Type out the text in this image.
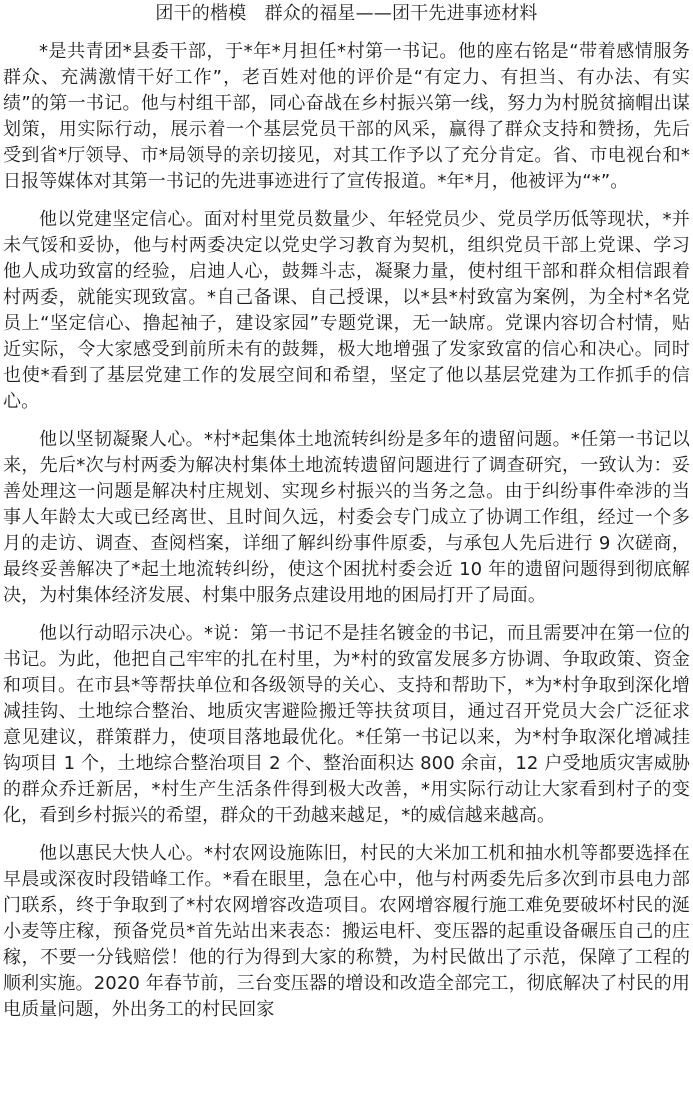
团干的楷模　群众的福星——团干先进事迹材料

*是共青团*县委干部，于*年*月担任*村第一书记。他的座右铭是“带着感情服务群众、充满激情干好工作”，老百姓对他的评价是“有定力、有担当、有办法、有实绩”的第一书记。他与村组干部，同心奋战在乡村振兴第一线，努力为村脱贫摘帽出谋划策，用实际行动，展示着一个基层党员干部的风采，赢得了群众支持和赞扬，先后受到省*厅领导、市*局领导的亲切接见，对其工作予以了充分肯定。省、市电视台和*日报等媒体对其第一书记的先进事迹进行了宣传报道。*年*月，他被评为“*”。

他以党建坚定信心。面对村里党员数量少、年轻党员少、党员学历低等现状，*并未气馁和妥协，他与村两委决定以党史学习教育为契机，组织党员干部上党课、学习他人成功致富的经验，启迪人心，鼓舞斗志，凝聚力量，使村组干部和群众相信跟着村两委，就能实现致富。*自己备课、自己授课，以*县*村致富为案例，为全村*名党员上“坚定信心、撸起袖子，建设家园”专题党课，无一缺席。党课内容切合村情，贴近实际，令大家感受到前所未有的鼓舞，极大地增强了发家致富的信心和决心。同时也使*看到了基层党建工作的发展空间和希望，坚定了他以基层党建为工作抓手的信心。

他以坚韧凝聚人心。*村*起集体土地流转纠纷是多年的遗留问题。*任第一书记以来，先后*次与村两委为解决村集体土地流转遗留问题进行了调查研究，一致认为：妥善处理这一问题是解决村庄规划、实现乡村振兴的当务之急。由于纠纷事件牵涉的当事人年龄太大或已经离世、且时间久远，村委会专门成立了协调工作组，经过一个多月的走访、调查、查阅档案，详细了解纠纷事件原委，与承包人先后进行 9 次磋商，最终妥善解决了*起土地流转纠纷，使这个困扰村委会近 10 年的遗留问题得到彻底解决，为村集体经济发展、村集中服务点建设用地的困局打开了局面。

他以行动昭示决心。*说：第一书记不是挂名镀金的书记，而且需要冲在第一位的书记。为此，他把自己牢牢的扎在村里，为*村的致富发展多方协调、争取政策、资金和项目。在市县*等帮扶单位和各级领导的关心、支持和帮助下，*为*村争取到深化增减挂钩、土地综合整治、地质灾害避险搬迁等扶贫项目，通过召开党员大会广泛征求意见建议，群策群力，使项目落地最优化。*任第一书记以来，为*村争取深化增减挂钩项目 1 个，土地综合整治项目 2 个、整治面积达 800 余亩，12 户受地质灾害威胁的群众乔迁新居，*村生产生活条件得到极大改善，*用实际行动让大家看到村子的变化，看到乡村振兴的希望，群众的干劲越来越足，*的威信越来越高。

他以惠民大快人心。*村农网设施陈旧，村民的大米加工机和抽水机等都要选择在早晨或深夜时段错峰工作。*看在眼里，急在心中，他与村两委先后多次到市县电力部门联系，终于争取到了*村农网增容改造项目。农网增容履行施工难免要破坏村民的涎小麦等庄稼，预备党员*首先站出来表态：搬运电杆、变压器的起重设备碾压自己的庄稼，不要一分钱赔偿！他的行为得到大家的称赞，为村民做出了示范，保障了工程的顺利实施。2020 年春节前，三台变压器的增设和改造全部完工，彻底解决了村民的用电质量问题，外出务工的村民回家
